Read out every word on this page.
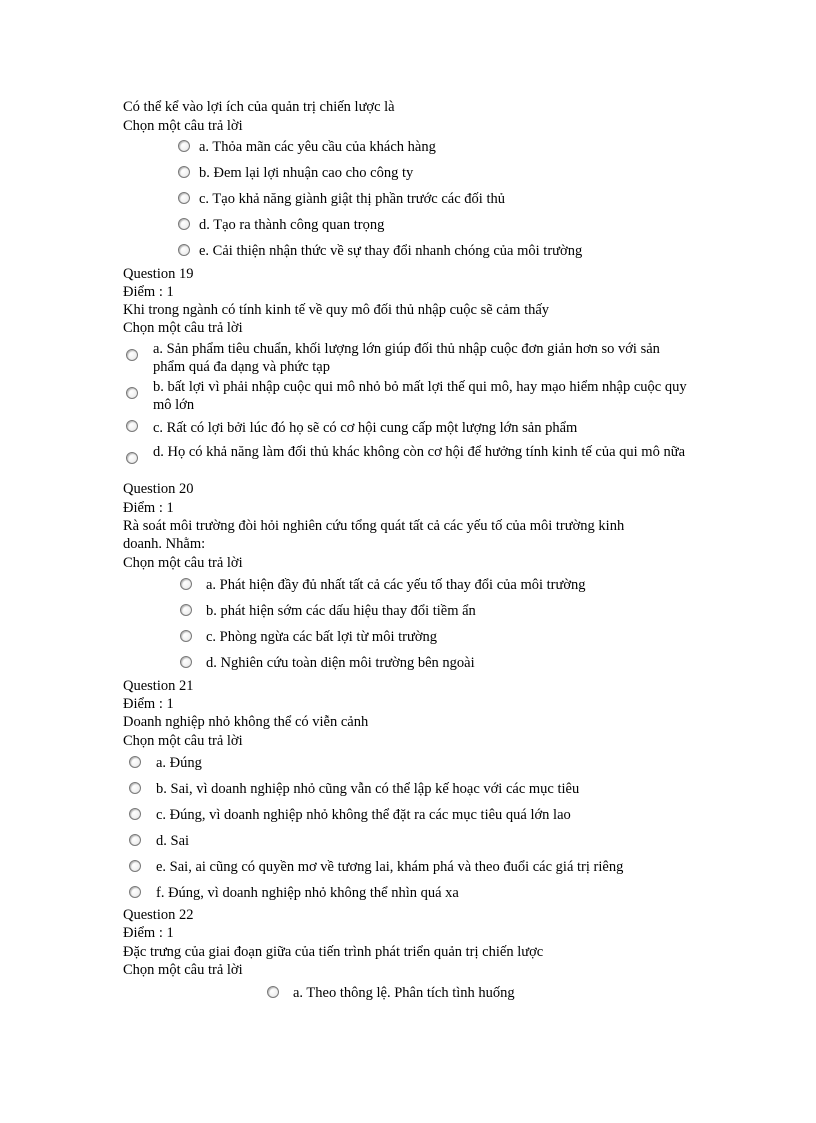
Có thể kể vào lợi ích của quản trị chiến lược là
Chọn một câu trả lời
a. Thỏa mãn các yêu cầu của khách hàng
b. Đem lại lợi nhuận cao cho công ty
c. Tạo khả năng giành giật thị phần trước các đối thủ
d. Tạo ra thành công quan trọng
e. Cải thiện nhận thức về sự thay đổi nhanh chóng của môi trường
Question 19
Điểm : 1
Khi trong ngành có tính kinh tế về quy mô đối thủ nhập cuộc sẽ cảm thấy
Chọn một câu trả lời
a. Sản phẩm tiêu chuẩn, khối lượng lớn giúp đối thủ nhập cuộc đơn giản hơn so với sản phẩm quá đa dạng và phức tạp
b. bất lợi vì phải nhập cuộc qui mô nhỏ bỏ mất lợi thế qui mô, hay mạo hiểm nhập cuộc quy mô lớn
c. Rất có lợi bởi lúc đó họ sẽ có cơ hội cung cấp một lượng lớn sản phẩm
d. Họ có khả năng làm đối thủ khác không còn cơ hội để hưởng tính kinh tế của qui mô nữa
Question 20
Điểm : 1
Rà soát môi trường đòi hỏi nghiên cứu tổng quát tất cả các yếu tố của môi trường kinh
doanh. Nhằm:
Chọn một câu trả lời
a. Phát hiện đầy đủ nhất tất cả các yếu tố thay đổi của môi trường
b. phát hiện sớm các dấu hiệu thay đổi tiềm ẩn
c. Phòng ngừa các bất lợi từ môi trường
d. Nghiên cứu toàn diện môi trường bên ngoài
Question 21
Điểm : 1
Doanh nghiệp nhỏ không thể có viễn cảnh
Chọn một câu trả lời
a. Đúng
b. Sai, vì doanh nghiệp nhỏ cũng vẫn có thể lập kế hoạc với các mục tiêu
c. Đúng, vì doanh nghiệp nhỏ không thể đặt ra các mục tiêu quá lớn lao
d. Sai
e. Sai, ai cũng có quyền mơ về tương lai, khám phá và theo đuổi các giá trị riêng
f. Đúng, vì doanh nghiệp nhỏ không thể nhìn quá xa
Question 22
Điểm : 1
Đặc trưng của giai đoạn giữa của tiến trình phát triển quản trị chiến lược
Chọn một câu trả lời
a. Theo thông lệ. Phân tích tình huống
